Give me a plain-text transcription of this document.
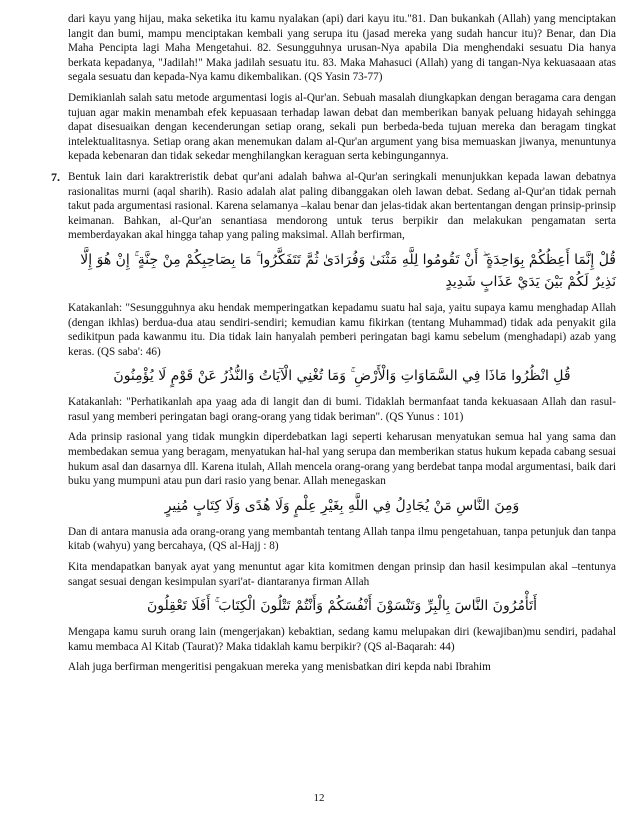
dari kayu yang hijau, maka seketika itu kamu nyalakan (api) dari kayu itu."81. Dan bukankah (Allah) yang menciptakan langit dan bumi, mampu menciptakan kembali yang serupa itu (jasad mereka yang sudah hancur itu)? Benar, dan Dia Maha Pencipta lagi Maha Mengetahui. 82. Sesungguhnya urusan-Nya apabila Dia menghendaki sesuatu Dia hanya berkata kepadanya, "Jadilah!" Maka jadilah sesuatu itu. 83. Maka Mahasuci (Allah) yang di tangan-Nya kekuasaaan atas segala sesuatu dan kepada-Nya kamu dikembalikan. (QS Yasin 73-77)

Demikianlah salah satu metode argumentasi logis al-Qur'an. Sebuah masalah diungkapkan dengan beragama cara dengan tujuan agar makin menambah efek kepuasaan terhadap lawan debat dan memberikan banyak peluang hidayah sehingga dapat disesuaikan dengan kecenderungan setiap orang, sekali pun berbeda-beda tujuan mereka dan beragam tingkat intelektualitasnya. Setiap orang akan menemukan dalam al-Qur'an argument yang bisa memuaskan jiwanya, menuntunya kepada kebenaran dan tidak sekedar menghilangkan keraguan serta kebingungannya.

7. Bentuk lain dari karaktreristik debat qur'ani adalah bahwa al-Qur'an seringkali menunjukkan kepada lawan debatnya rasionalitas murni (aqal sharih). Rasio adalah alat paling dibanggakan oleh lawan debat. Sedang al-Qur'an tidak pernah takut pada argumentasi rasional. Karena selamanya –kalau benar dan jelas-tidak akan bertentangan dengan prinsip-prinsip keimanan. Bahkan, al-Qur'an senantiasa mendorong untuk terus berpikir dan melakukan pengamatan serta memberdayakan akal hingga tahap yang paling maksimal. Allah berfirman,

قُلْ إِنَّمَا أَعِظُكُمْ بِوَاحِدَةٍ ۖ أَنْ تَقُومُوا لِلَّهِ مَثْنَىٰ وَفُرَادَىٰ ثُمَّ تَتَفَكَّرُوا ۚ مَا بِصَاحِبِكُمْ مِنْ جِنَّةٍ ۚ إِنْ هُوَ إِلَّا نَذِيرٌ لَكُمْ بَيْنَ يَدَيْ عَذَابٍ شَدِيدٍ

Katakanlah: "Sesungguhnya aku hendak memperingatkan kepadamu suatu hal saja, yaitu supaya kamu menghadap Allah (dengan ikhlas) berdua-dua atau sendiri-sendiri; kemudian kamu fikirkan (tentang Muhammad) tidak ada penyakit gila sedikitpun pada kawanmu itu. Dia tidak lain hanyalah pemberi peringatan bagi kamu sebelum (menghadapi) azab yang keras. (QS saba': 46)

قُلِ انْظُرُوا مَاذَا فِي السَّمَاوَاتِ وَالْأَرْضِ ۚ وَمَا تُغْنِي الْآيَاتُ وَالنُّذُرُ عَنْ قَوْمٍ لَا يُؤْمِنُونَ

Katakanlah: "Perhatikanlah apa yaag ada di langit dan di bumi. Tidaklah bermanfaat tanda kekuasaan Allah dan rasul-rasul yang memberi peringatan bagi orang-orang yang tidak beriman". (QS Yunus : 101)

Ada prinsip rasional yang tidak mungkin diperdebatkan lagi seperti keharusan menyatukan semua hal yang sama dan membedakan semua yang beragam, menyatukan hal-hal yang serupa dan memberikan status hukum kepada cabang sesuai hukum asal dan dasarnya dll. Karena itulah, Allah mencela orang-orang yang berdebat tanpa modal argumentasi, baik dari buku yang mumpuni atau pun dari rasio yang benar. Allah menegaskan

وَمِنَ النَّاسِ مَنْ يُجَادِلُ فِي اللَّهِ بِغَيْرِ عِلْمٍ وَلَا هُدًى وَلَا كِتَابٍ مُنِيرٍ

Dan di antara manusia ada orang-orang yang membantah tentang Allah tanpa ilmu pengetahuan, tanpa petunjuk dan tanpa kitab (wahyu) yang bercahaya, (QS al-Hajj : 8)

Kita mendapatkan banyak ayat yang menuntut agar kita komitmen dengan prinsip dan hasil kesimpulan akal –tentunya sangat sesuai dengan kesimpulan syari'at- diantaranya firman Allah

أَتَأْمُرُونَ النَّاسَ بِالْبِرِّ وَتَنْسَوْنَ أَنْفُسَكُمْ وَأَنْتُمْ تَتْلُونَ الْكِتَابَ ۚ أَفَلَا تَعْقِلُونَ

Mengapa kamu suruh orang lain (mengerjakan) kebaktian, sedang kamu melupakan diri (kewajiban)mu sendiri, padahal kamu membaca Al Kitab (Taurat)? Maka tidaklah kamu berpikir? (QS al-Baqarah: 44)

Alah juga berfirman mengeritisi pengakuan mereka yang menisbatkan diri kepda nabi Ibrahim

12
